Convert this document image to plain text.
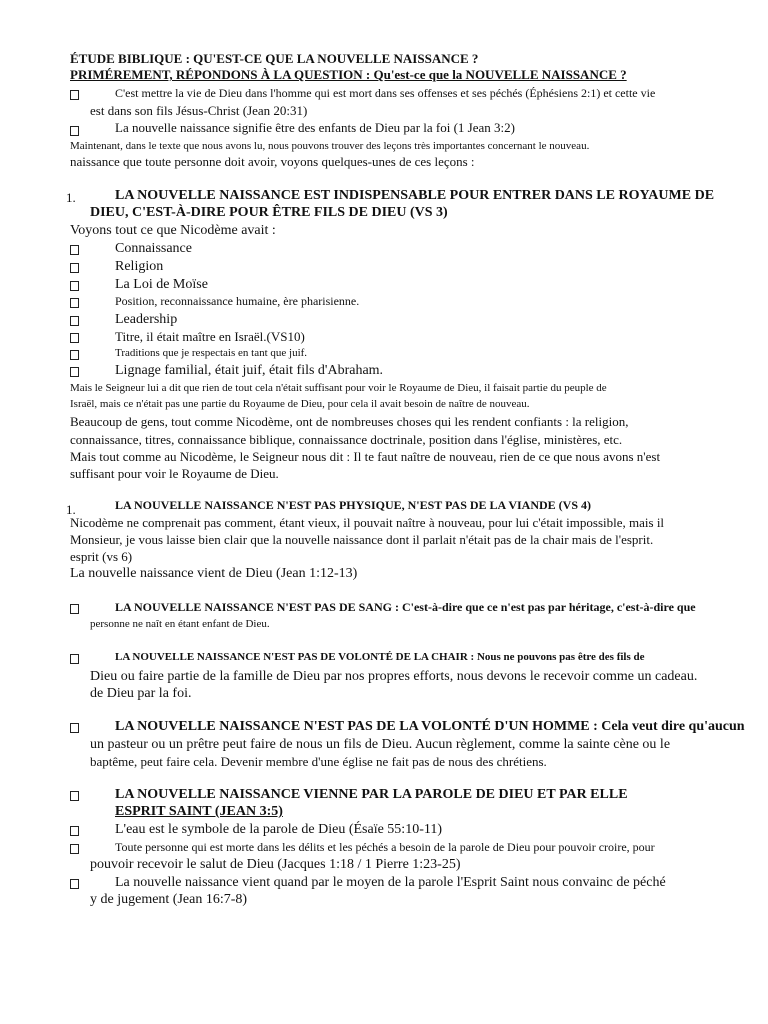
ÉTUDE BIBLIQUE : QU'EST-CE QUE LA NOUVELLE NAISSANCE ?
PRIMÉREMENT, RÉPONDONS À LA QUESTION : Qu'est-ce que la NOUVELLE NAISSANCE ?
C'est mettre la vie de Dieu dans l'homme qui est mort dans ses offenses et ses péchés (Éphésiens 2:1) et cette vie
est dans son fils Jésus-Christ (Jean 20:31)
La nouvelle naissance signifie être des enfants de Dieu par la foi (1 Jean 3:2)
Maintenant, dans le texte que nous avons lu, nous pouvons trouver des leçons très importantes concernant le nouveau.
naissance que toute personne doit avoir, voyons quelques-unes de ces leçons :
1.	LA NOUVELLE NAISSANCE EST INDISPENSABLE POUR ENTRER DANS LE ROYAUME DE
DIEU, C'EST-À-DIRE POUR ÊTRE FILS DE DIEU (VS 3)
Voyons tout ce que Nicodème avait :
Connaissance
Religion
La Loi de Moïse
Position, reconnaissance humaine, ère pharisienne.
Leadership
Titre, il était maître en Israël.(VS10)
Traditions que je respectais en tant que juif.
Lignage familial, était juif, était fils d'Abraham.
Mais le Seigneur lui a dit que rien de tout cela n'était suffisant pour voir le Royaume de Dieu, il faisait partie du peuple de
Israël, mais ce n'était pas une partie du Royaume de Dieu, pour cela il avait besoin de naître de nouveau.
Beaucoup de gens, tout comme Nicodème, ont de nombreuses choses qui les rendent confiants : la religion,
connaissance, titres, connaissance biblique, connaissance doctrinale, position dans l'église, ministères, etc.
Mais tout comme au Nicodème, le Seigneur nous dit : Il te faut naître de nouveau, rien de ce que nous avons n'est
suffisant pour voir le Royaume de Dieu.
1.	LA NOUVELLE NAISSANCE N'EST PAS PHYSIQUE, N'EST PAS DE LA VIANDE (VS 4)
Nicodème ne comprenait pas comment, étant vieux, il pouvait naître à nouveau, pour lui c'était impossible, mais il
Monsieur, je vous laisse bien clair que la nouvelle naissance dont il parlait n'était pas de la chair mais de l'esprit.
esprit (vs 6)
La nouvelle naissance vient de Dieu (Jean 1:12-13)
LA NOUVELLE NAISSANCE N'EST PAS DE SANG : C'est-à-dire que ce n'est pas par héritage, c'est-à-dire que
personne ne naît en étant enfant de Dieu.
LA NOUVELLE NAISSANCE N'EST PAS DE VOLONTÉ DE LA CHAIR : Nous ne pouvons pas être des fils de
Dieu ou faire partie de la famille de Dieu par nos propres efforts, nous devons le recevoir comme un cadeau.
de Dieu par la foi.
LA NOUVELLE NAISSANCE N'EST PAS DE LA VOLONTÉ D'UN HOMME : Cela veut dire qu'aucun
un pasteur ou un prêtre peut faire de nous un fils de Dieu. Aucun règlement, comme la sainte cène ou le
baptême, peut faire cela. Devenir membre d'une église ne fait pas de nous des chrétiens.
LA NOUVELLE NAISSANCE VIENNE PAR LA PAROLE DE DIEU ET PAR ELLE
ESPRIT SAINT (JEAN 3:5)
L'eau est le symbole de la parole de Dieu (Ésaïe 55:10-11)
Toute personne qui est morte dans les délits et les péchés a besoin de la parole de Dieu pour pouvoir croire, pour
pouvoir recevoir le salut de Dieu (Jacques 1:18 / 1 Pierre 1:23-25)
La nouvelle naissance vient quand par le moyen de la parole l'Esprit Saint nous convainc de péché
y de jugement (Jean 16:7-8)
